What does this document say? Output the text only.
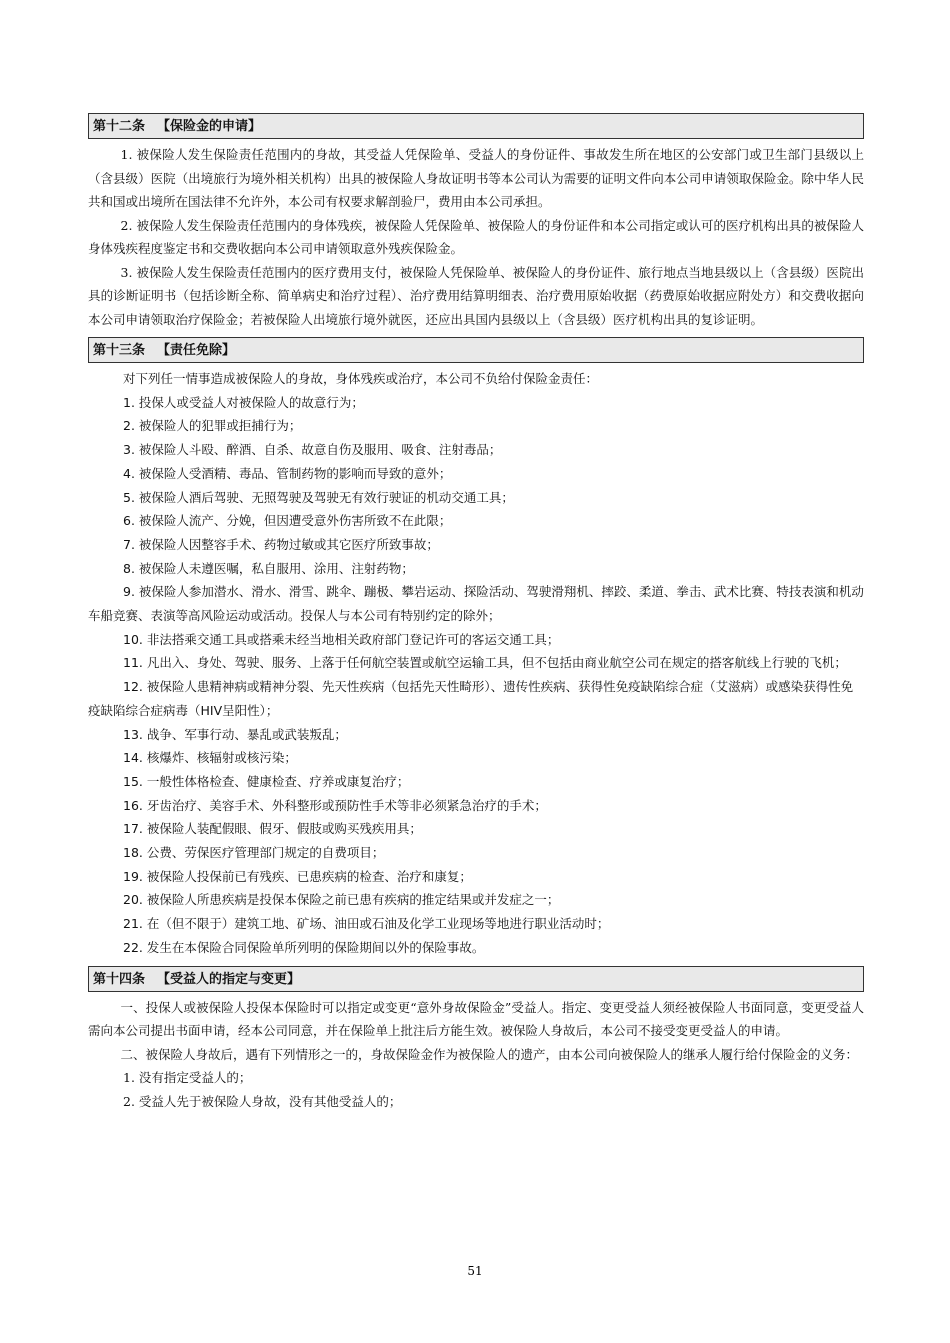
第十二条 【保险金的申请】

1. 被保险人发生保险责任范围内的身故，其受益人凭保险单、受益人的身份证件、事故发生所在地区的公安部门或卫生部门县级以上（含县级）医院（出境旅行为境外相关机构）出具的被保险人身故证明书等本公司认为需要的证明文件向本公司申请领取保险金。除中华人民共和国或出境所在国法律不允许外，本公司有权要求解剖验尸，费用由本公司承担。

2. 被保险人发生保险责任范围内的身体残疾，被保险人凭保险单、被保险人的身份证件和本公司指定或认可的医疗机构出具的被保险人身体残疾程度鉴定书和交费收据向本公司申请领取意外残疾保险金。

3. 被保险人发生保险责任范围内的医疗费用支付，被保险人凭保险单、被保险人的身份证件、旅行地点当地县级以上（含县级）医院出具的诊断证明书（包括诊断全称、简单病史和治疗过程）、治疗费用结算明细表、治疗费用原始收据（药费原始收据应附处方）和交费收据向本公司申请领取治疗保险金；若被保险人出境旅行境外就医，还应出具国内县级以上（含县级）医疗机构出具的复诊证明。

第十三条 【责任免除】

对下列任一情事造成被保险人的身故，身体残疾或治疗，本公司不负给付保险金责任：

1. 投保人或受益人对被保险人的故意行为；

2. 被保险人的犯罪或拒捕行为；

3. 被保险人斗殴、醉酒、自杀、故意自伤及服用、吸食、注射毒品；

4. 被保险人受酒精、毒品、管制药物的影响而导致的意外；

5. 被保险人酒后驾驶、无照驾驶及驾驶无有效行驶证的机动交通工具；

6. 被保险人流产、分娩，但因遭受意外伤害所致不在此限；

7. 被保险人因整容手术、药物过敏或其它医疗所致事故；

8. 被保险人未遵医嘱，私自服用、涂用、注射药物；

9. 被保险人参加潜水、滑水、滑雪、跳伞、蹦极、攀岩运动、探险活动、驾驶滑翔机、摔跤、柔道、拳击、武术比赛、特技表演和机动车船竞赛、表演等高风险运动或活动。投保人与本公司有特别约定的除外；

10. 非法搭乘交通工具或搭乘未经当地相关政府部门登记许可的客运交通工具；

11. 凡出入、身处、驾驶、服务、上落于任何航空装置或航空运输工具，但不包括由商业航空公司在规定的搭客航线上行驶的飞机；

12. 被保险人患精神病或精神分裂、先天性疾病（包括先天性畸形）、遗传性疾病、获得性免疫缺陷综合症（艾滋病）或感染获得性免疫缺陷综合症病毒（HIV呈阳性）；

13. 战争、军事行动、暴乱或武装叛乱；

14. 核爆炸、核辐射或核污染；

15. 一般性体格检查、健康检查、疗养或康复治疗；

16. 牙齿治疗、美容手术、外科整形或预防性手术等非必须紧急治疗的手术；

17. 被保险人装配假眼、假牙、假肢或购买残疾用具；

18. 公费、劳保医疗管理部门规定的自费项目；

19. 被保险人投保前已有残疾、已患疾病的检查、治疗和康复；

20. 被保险人所患疾病是投保本保险之前已患有疾病的推定结果或并发症之一；

21. 在（但不限于）建筑工地、矿场、油田或石油及化学工业现场等地进行职业活动时；

22. 发生在本保险合同保险单所列明的保险期间以外的保险事故。

第十四条 【受益人的指定与变更】

一、投保人或被保险人投保本保险时可以指定或变更“意外身故保险金”受益人。指定、变更受益人须经被保险人书面同意，变更受益人需向本公司提出书面申请，经本公司同意，并在保险单上批注后方能生效。被保险人身故后，本公司不接受变更受益人的申请。

二、被保险人身故后，遇有下列情形之一的，身故保险金作为被保险人的遗产，由本公司向被保险人的继承人履行给付保险金的义务：

1. 没有指定受益人的；

2. 受益人先于被保险人身故，没有其他受益人的；

51
